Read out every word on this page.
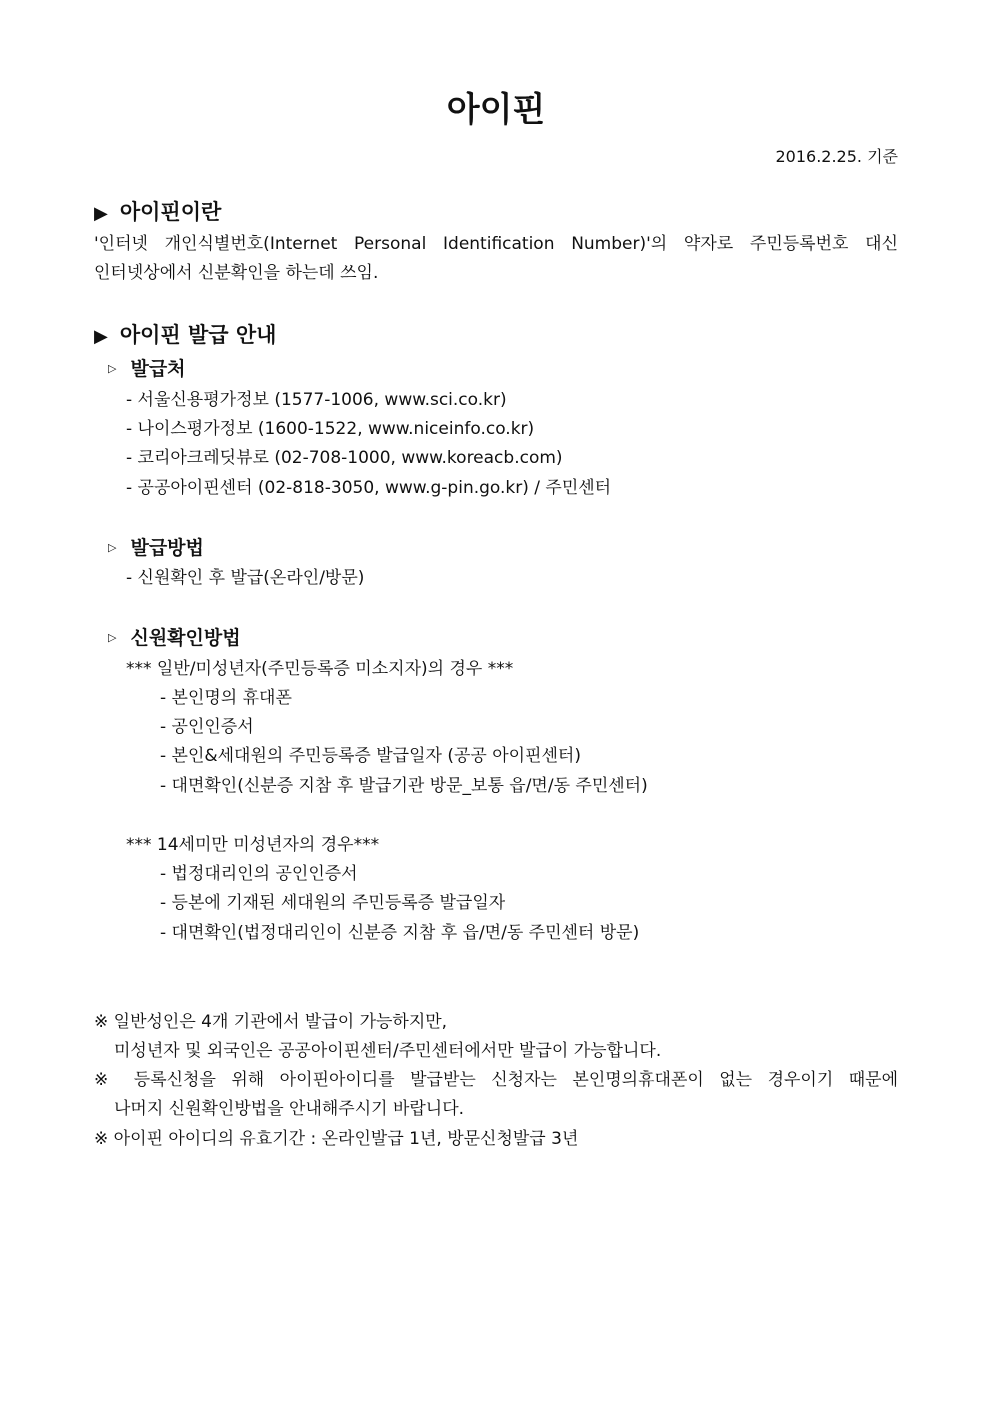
아이핀
2016.2.25. 기준
▶ 아이핀이란
'인터넷 개인식별번호(Internet Personal Identification Number)'의 약자로 주민등록번호 대신
인터넷상에서 신분확인을 하는데 쓰임.
▶ 아이핀 발급 안내
▷ 발급처
- 서울신용평가정보 (1577-1006, www.sci.co.kr)
- 나이스평가정보 (1600-1522, www.niceinfo.co.kr)
- 코리아크레딧뷰로 (02-708-1000, www.koreacb.com)
- 공공아이핀센터 (02-818-3050, www.g-pin.go.kr) / 주민센터
▷ 발급방법
- 신원확인 후 발급(온라인/방문)
▷ 신원확인방법
*** 일반/미성년자(주민등록증 미소지자)의 경우 ***
- 본인명의 휴대폰
- 공인인증서
- 본인&세대원의 주민등록증 발급일자 (공공 아이핀센터)
- 대면확인(신분증 지참 후 발급기관 방문_보통 읍/면/동 주민센터)
*** 14세미만 미성년자의 경우***
- 법정대리인의 공인인증서
- 등본에 기재된 세대원의 주민등록증 발급일자
- 대면확인(법정대리인이 신분증 지참 후 읍/면/동 주민센터 방문)
※ 일반성인은 4개 기관에서 발급이 가능하지만,
미성년자 및 외국인은 공공아이핀센터/주민센터에서만 발급이 가능합니다.
※ 등록신청을 위해 아이핀아이디를 발급받는 신청자는 본인명의휴대폰이 없는 경우이기 때문에
나머지 신원확인방법을 안내해주시기 바랍니다.
※ 아이핀 아이디의 유효기간 : 온라인발급 1년, 방문신청발급 3년
